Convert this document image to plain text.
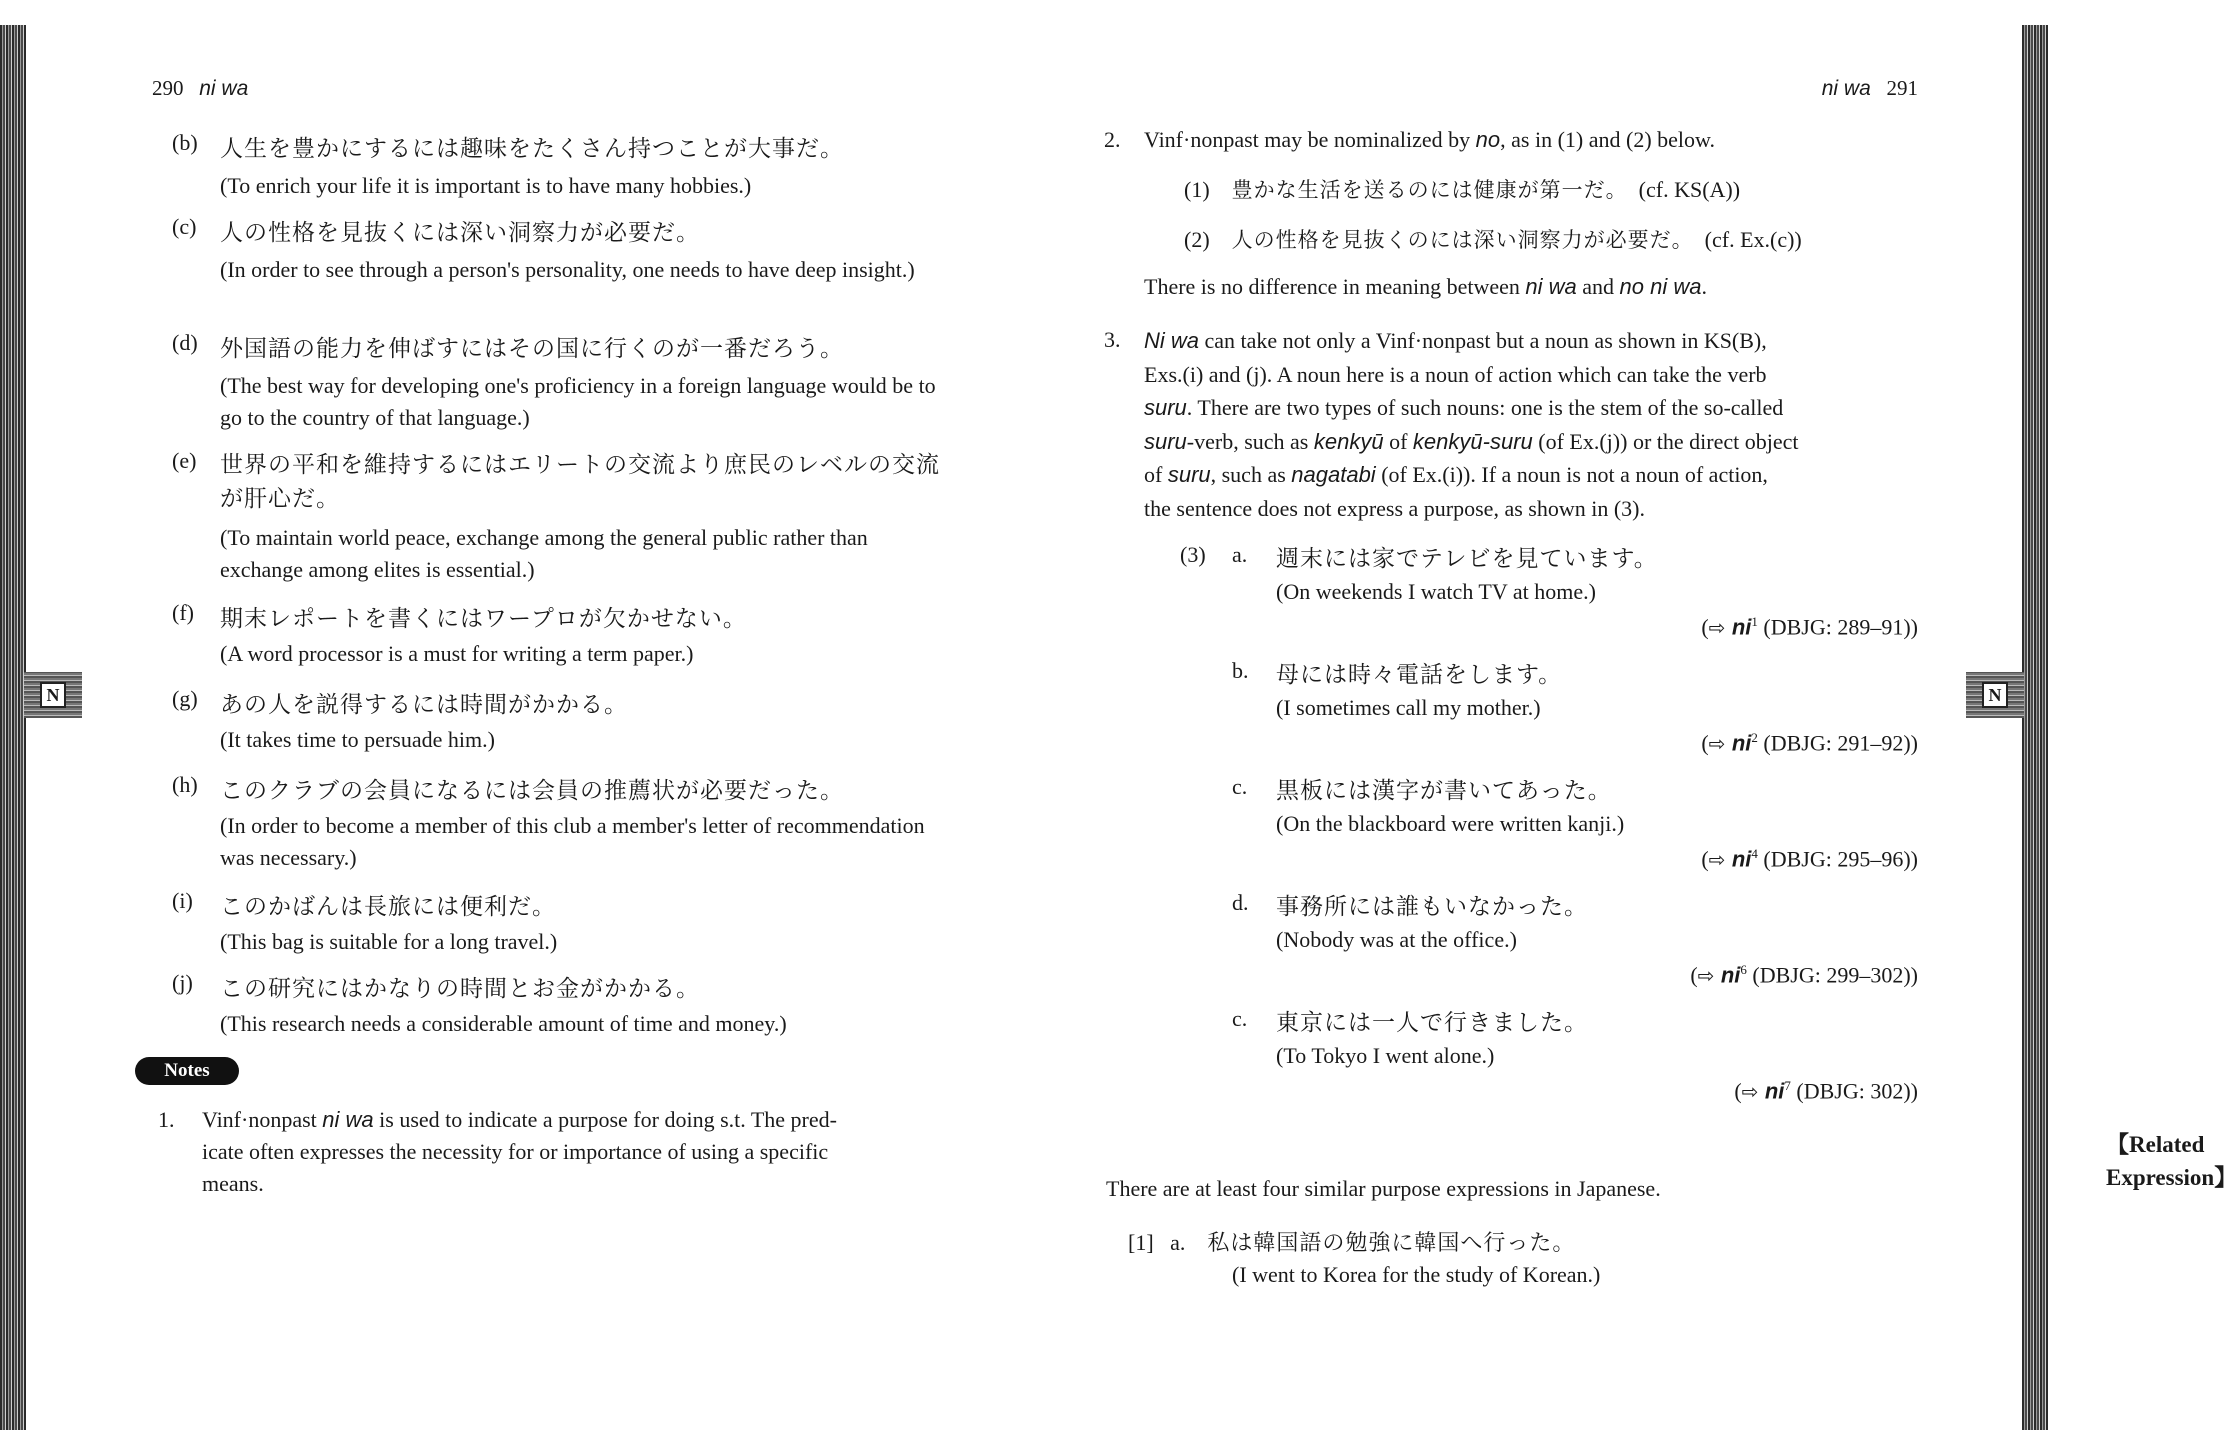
290 ni wa
N
(b) 人生を豊かにするには趣味をたくさん持つことが大事だ。
(To enrich your life it is important is to have many hobbies.)
(c) 人の性格を見抜くには深い洞察力が必要だ。
(In order to see through a person's personality, one needs to have deep insight.)
(d) 外国語の能力を伸ばすにはその国に行くのが一番だろう。
(The best way for developing one's proficiency in a foreign language would be to go to the country of that language.)
(e) 世界の平和を維持するにはエリートの交流より庶民のレベルの交流が肝心だ。
(To maintain world peace, exchange among the general public rather than exchange among elites is essential.)
(f) 期末レポートを書くにはワープロが欠かせない。
(A word processor is a must for writing a term paper.)
(g) あの人を説得するには時間がかかる。
(It takes time to persuade him.)
(h) このクラブの会員になるには会員の推薦状が必要だった。
(In order to become a member of this club a member's letter of recommendation was necessary.)
(i) このかばんは長旅には便利だ。
(This bag is suitable for a long travel.)
(j) この研究にはかなりの時間とお金がかかる。
(This research needs a considerable amount of time and money.)
Notes
1. Vinf·nonpast ni wa is used to indicate a purpose for doing s.t. The pred-
icate often expresses the necessity for or importance of using a specific
means.
ni wa 291
N
2. Vinf·nonpast may be nominalized by no, as in (1) and (2) below.
(1) 豊かな生活を送るのには健康が第一だ。 (cf. KS(A))
(2) 人の性格を見抜くのには深い洞察力が必要だ。 (cf. Ex.(c))
There is no difference in meaning between ni wa and no ni wa.
3. Ni wa can take not only a Vinf·nonpast but a noun as shown in KS(B),
Exs.(i) and (j). A noun here is a noun of action which can take the verb
suru. There are two types of such nouns: one is the stem of the so-called
suru-verb, such as kenkyū of kenkyū-suru (of Ex.(j)) or the direct object
of suru, such as nagatabi (of Ex.(i)). If a noun is not a noun of action,
the sentence does not express a purpose, as shown in (3).
(3) a. 週末には家でテレビを見ています。
(On weekends I watch TV at home.)
(⇨ $ni^1$ (DBJG: 289–91))
b. 母には時々電話をします。
(I sometimes call my mother.)
(⇨ $ni^2$ (DBJG: 291–92))
c. 黒板には漢字が書いてあった。
(On the blackboard were written kanji.)
(⇨ $ni^4$ (DBJG: 295–96))
d. 事務所には誰もいなかった。
(Nobody was at the office.)
(⇨ $ni^6$ (DBJG: 299–302))
c. 東京には一人で行きました。
(To Tokyo I went alone.)
(⇨ $ni^7$ (DBJG: 302))
【Related Expression】
There are at least four similar purpose expressions in Japanese.
[1] a. 私は韓国語の勉強に韓国へ行った。
(I went to Korea for the study of Korean.)
